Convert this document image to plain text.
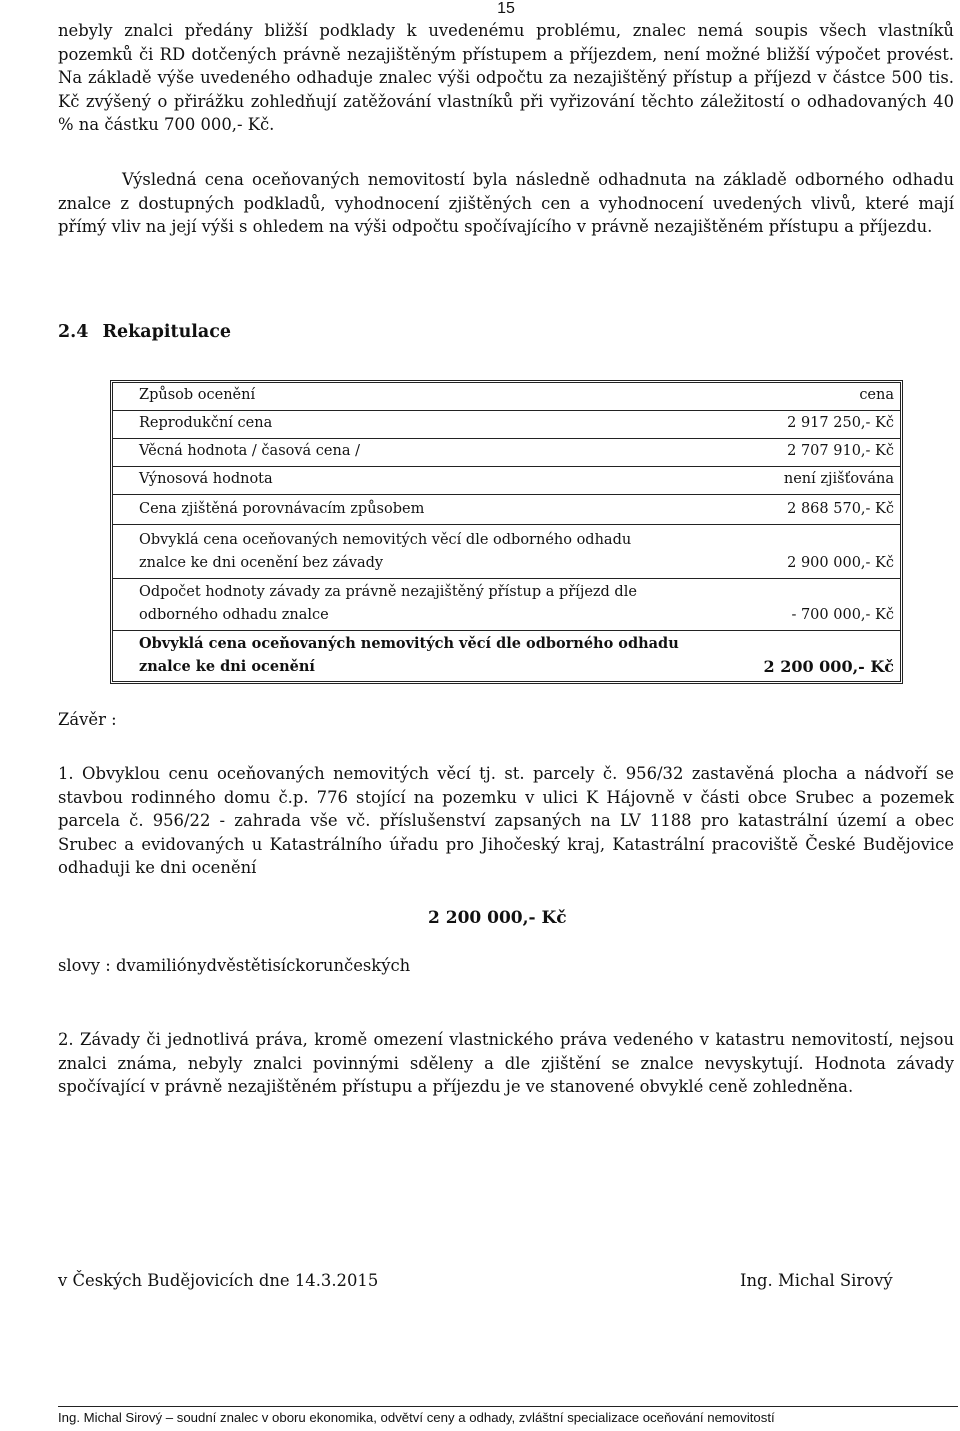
15

nebyly znalci předány bližší podklady k uvedenému problému, znalec nemá soupis všech vlastníků pozemků či RD dotčených právně nezajištěným přístupem a příjezdem, není možné bližší výpočet provést. Na základě výše uvedeného odhaduje znalec výši odpočtu za nezajištěný přístup a příjezd v částce 500 tis. Kč zvýšený o přirážku zohledňují zatěžování vlastníků při vyřizování těchto záležitostí o odhadovaných 40 % na částku 700 000,- Kč.

Výsledná cena oceňovaných nemovitostí byla následně odhadnuta na základě odborného odhadu znalce z dostupných podkladů, vyhodnocení zjištěných cen a vyhodnocení uvedených vlivů, které mají přímý vliv na její výši s ohledem na výši odpočtu spočívajícího v právně nezajištěném přístupu a příjezdu.

2.4 Rekapitulace
Způsob ocenění	cena
Reprodukční cena	2 917 250,- Kč
Věcná hodnota / časová cena /	2 707 910,- Kč
Výnosová hodnota	není zjišťována
Cena zjištěná porovnávacím způsobem	2 868 570,- Kč
Obvyklá cena oceňovaných nemovitých věcí dle odborného odhadu znalce ke dni ocenění bez závady	2 900 000,- Kč
Odpočet hodnoty závady za právně nezajištěný přístup a příjezd dle odborného odhadu znalce	- 700 000,- Kč
Obvyklá cena oceňovaných nemovitých věcí dle odborného odhadu znalce ke dni ocenění	2 200 000,- Kč
Závěr :

1. Obvyklou cenu oceňovaných nemovitých věcí tj. st. parcely č. 956/32 zastavěná plocha a nádvoří se stavbou rodinného domu č.p. 776 stojící na pozemku v ulici K Hájovně v části obce Srubec a pozemek parcela č. 956/22 - zahrada vše vč. příslušenství zapsaných na LV 1188 pro katastrální území a obec Srubec a evidovaných u Katastrálního úřadu pro Jihočeský kraj, Katastrální pracoviště České Budějovice odhaduji ke dni ocenění

2 200 000,- Kč
slovy : dvamiliónydvěstětisíckorunčeských

2. Závady či jednotlivá práva, kromě omezení vlastnického práva vedeného v katastru nemovitostí, nejsou znalci známa, nebyly znalci povinnými sděleny a dle zjištění se znalce nevyskytují. Hodnota závady spočívající v právně nezajištěném přístupu a příjezdu je ve stanovené obvyklé ceně zohledněna.

v Českých Budějovicích dne 14.3.2015	Ing. Michal Sirový
Ing. Michal Sirový – soudní znalec v oboru ekonomika, odvětví ceny a odhady, zvláštní specializace oceňování nemovitostí
